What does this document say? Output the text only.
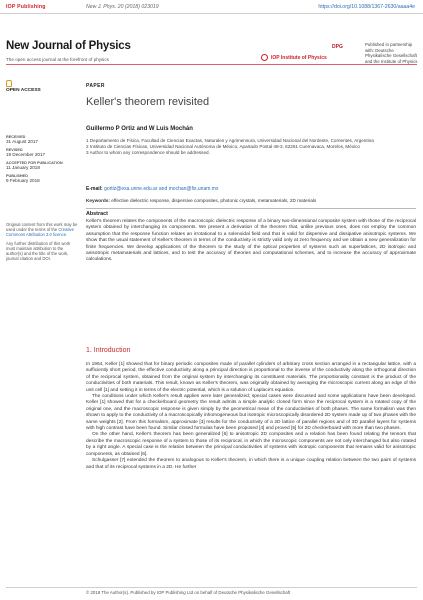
IOP Publishing	New J. Phys. 20 (2018) 023019	https://doi.org/10.1088/1367-2630/aaaa4e
New Journal of Physics
The open access journal at the forefront of physics
DPG
IOP Institute of Physics
Published in partnership with: Deutsche Physikalische Gesellschaft and the Institute of Physics
OPEN ACCESS
PAPER
Keller's theorem revisited
RECEIVED
31 August 2017
REVISED
19 December 2017
ACCEPTED FOR PUBLICATION
11 January 2018
PUBLISHED
9 February 2018

Original content from this work may be used under the terms of the Creative Commons Attribution 3.0 licence.

Any further distribution of this work must maintain attribution to the author(s) and the title of the work, journal citation and DOI.

Guillermo P Ortiz and W Luis Mochán
1 Departamento de Física, Facultad de Ciencias Exactas, Naturales y Agrimensura, Universidad Nacional del Nordeste, Corrientes, Argentina
2 Instituto de Ciencias Físicas, Universidad Nacional Autónoma de México, Apartado Postal 48-3, 62251 Cuernavaca, Morelos, México
3 Author to whom any correspondence should be addressed.
E-mail: gortiz@exa.unne.edu.ar and mochan@fis.unam.mx
Keywords: effective dielectric response, dispersive composites, photonic crystals, metamaterials, 2D materials
Abstract
Keller's theorem relates the components of the macroscopic dielectric response of a binary two-dimensional composite system with those of the reciprocal system obtained by interchanging its components. We present a derivation of the theorem that, unlike previous ones, does not employ the common assumption that the response function relates an irrotational to a solenoidal field and that is valid for dispersive and dissipative anisotropic systems. We show that the usual statement of Keller's theorem in terms of the conductivity is strictly valid only at zero frequency and we obtain a new generalization for finite frequencies. We develop applications of the theorem to the study of the optical properties of systems such as superlattices, 2D isotropic and anisotropic metamaterials and lattices, and to test the accuracy of theories and computational schemes, and to increase the accuracy of approximate calculations.
1. Introduction

In 1964, Keller [1] showed that for binary periodic composites made of parallel cylinders of arbitrary cross section arranged in a rectangular lattice, with a sufficiently short period, the effective conductivity along a principal direction is proportional to the inverse of the conductivity along the orthogonal direction of the reciprocal system, obtained from the original system by interchanging its constituent materials. The proportionality constant is the product of the conductivities of both materials. This result, known as Keller's theorem, was originally obtained by averaging the microscopic current along an edge of the unit cell [1] and setting it in terms of the electric potential, which is a solution of Laplace's equation.

The conditions under which Keller's result applies were later generalized; special cases were discussed and some applications have been developed. Keller [1] showed that for a checkerboard geometry the result admits a simple analytic closed form since the reciprocal system is a rotated copy of the original one, and the macroscopic response is given simply by the geometrical mean of the conductivities of both phases. The same formalism was then shown to apply to the conductivity of a macroscopically inhomogeneous but isotropic microscopically disordered 2D system made up of two phases with the same weights [2]. From this formalism, approximate [3] results for the conductivity of a 2D lattice of parallel regions and of 3D parallel layers for systems with high contrast have been found. Similar closed formulas have been proposed [4] and proved [5] for 2D checkerboard with more than two phases.

On the other hand, Keller's theorem has been generalized [6] to anisotropic 2D composites and a relation has been found relating the tensors that describe the macroscopic response of a system to those of its reciprocal, in which the microscopic components are not only interchanged but also rotated by a right angle. A special case is the relation between the principal conductivities of systems with isotropic components that remains valid for anisotropic components, as obtained [6].

Schulgasser [7] extended the theorem to analogous to Keller's theorem, in which there is a unique coupling relation between the two pairs of systems and that of its reciprocal systems in a 2D. He further

© 2018 The Author(s). Published by IOP Publishing Ltd on behalf of Deutsche Physikalische Gesellschaft
